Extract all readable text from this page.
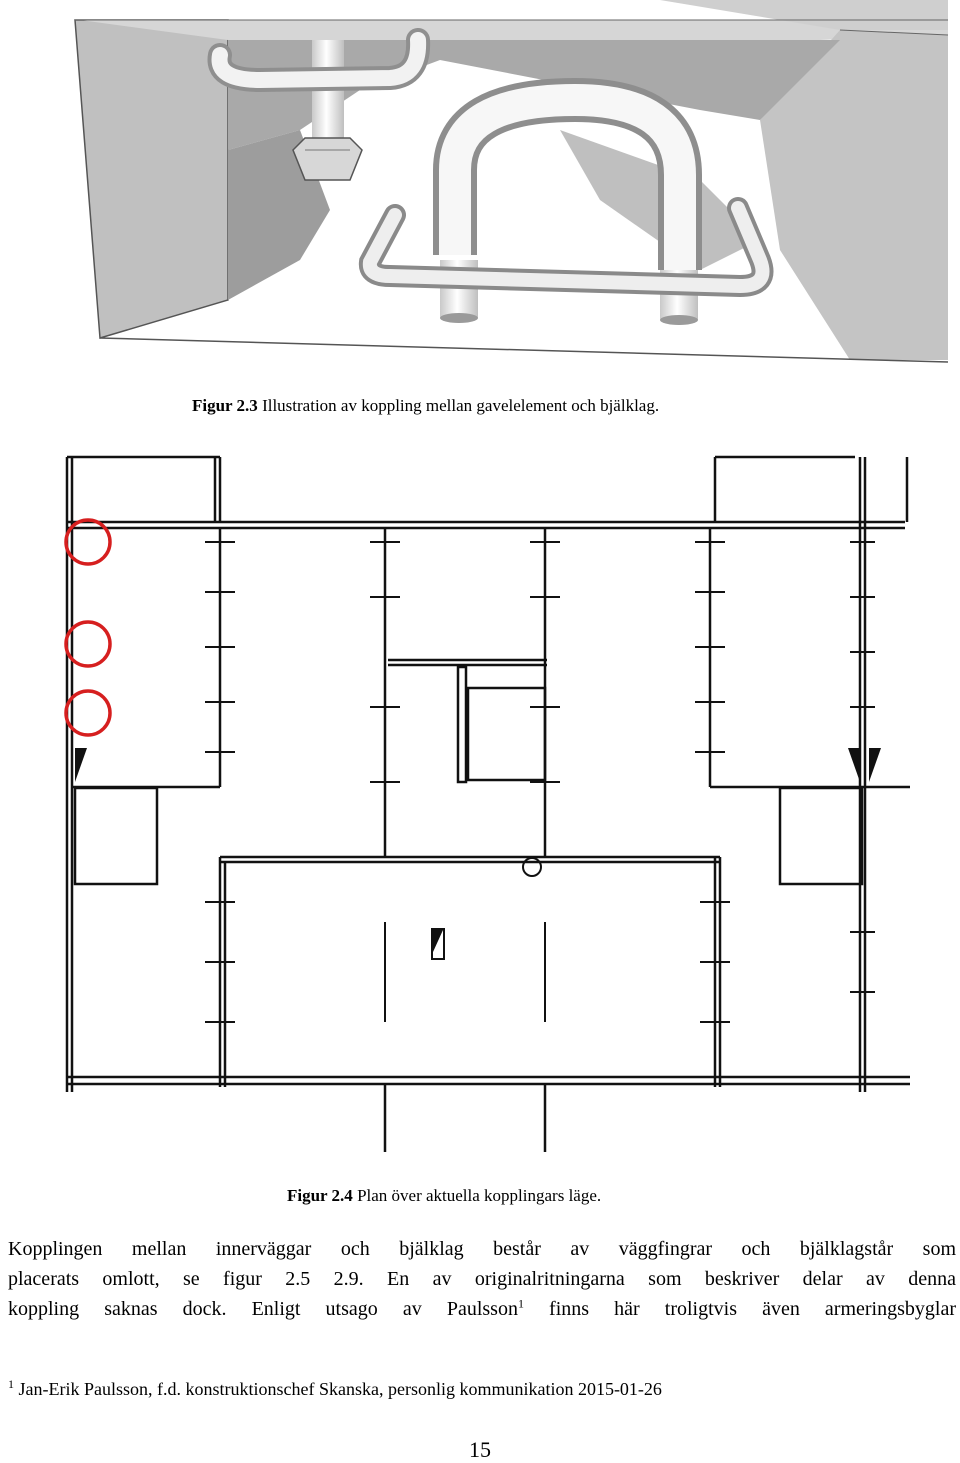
Figur 2.3 Illustration av koppling mellan gavelelement och bjälklag.
Figur 2.4 Plan över aktuella kopplingars läge.
Kopplingen mellan innerväggar och bjälklag består av väggfingrar och bjälklagstår som
placerats omlott, se figur 2.5 2.9. En av originalritningarna som beskriver delar av denna
koppling saknas dock. Enligt utsago av Paulsson$^1$ finns här troligtvis även armeringsbyglar
$^1$ Jan-Erik Paulsson, f.d. konstruktionschef Skanska, personlig kommunikation 2015-01-26
15
